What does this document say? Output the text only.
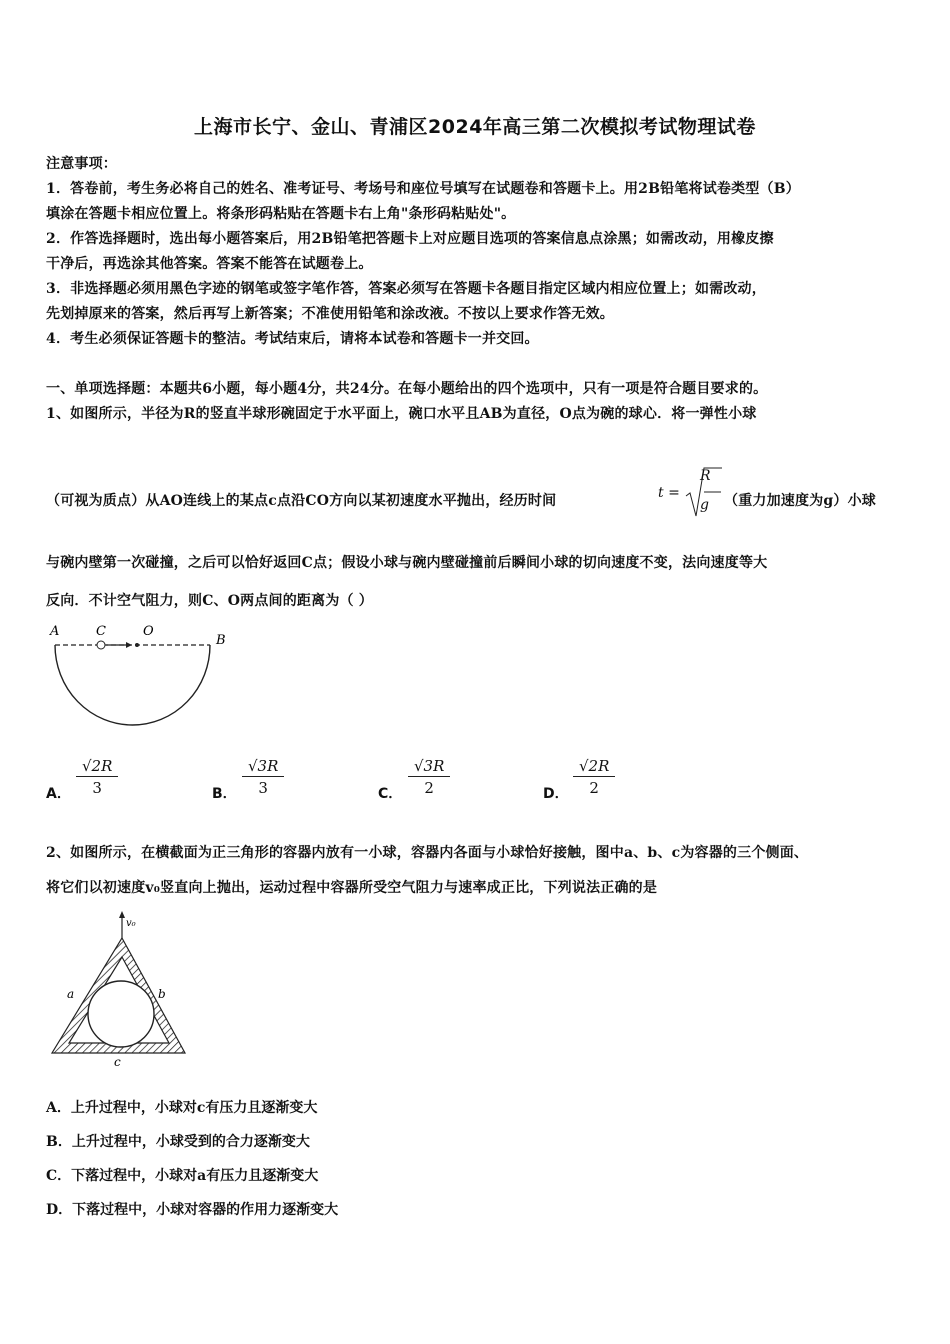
上海市长宁、金山、青浦区2024年高三第二次模拟考试物理试卷
注意事项：
1．答卷前，考生务必将自己的姓名、准考证号、考场号和座位号填写在试题卷和答题卡上。用2B铅笔将试卷类型（B）
填涂在答题卡相应位置上。将条形码粘贴在答题卡右上角"条形码粘贴处"。
2．作答选择题时，选出每小题答案后，用2B铅笔把答题卡上对应题目选项的答案信息点涂黑；如需改动，用橡皮擦
干净后，再选涂其他答案。答案不能答在试题卷上。
3．非选择题必须用黑色字迹的钢笔或签字笔作答，答案必须写在答题卡各题目指定区域内相应位置上；如需改动，
先划掉原来的答案，然后再写上新答案；不准使用铅笔和涂改液。不按以上要求作答无效。
4．考生必须保证答题卡的整洁。考试结束后，请将本试卷和答题卡一并交回。
一、单项选择题：本题共6小题，每小题4分，共24分。在每小题给出的四个选项中，只有一项是符合题目要求的。
1、如图所示，半径为R的竖直半球形碗固定于水平面上，碗口水平且AB为直径，O点为碗的球心．将一弹性小球
（可视为质点）从AO连线上的某点c点沿CO方向以某初速度水平抛出，经历时间	t =
R
g （重力加速度为g）小球
与碗内壁第一次碰撞，之后可以恰好返回C点；假设小球与碗内壁碰撞前后瞬间小球的切向速度不变，法向速度等大
反向．不计空气阻力，则C、O两点间的距离为（ ）
A	C	O
B
A． $\frac{√2R}{3}$	B． $\frac{√3R}{3}$	C． $\frac{√3R}{2}$	D． $\frac{√2R}{2}$
2、如图所示，在横截面为正三角形的容器内放有一小球，容器内各面与小球恰好接触，图中a、b、c为容器的三个侧面、
将它们以初速度v₀竖直向上抛出，运动过程中容器所受空气阻力与速率成正比，下列说法正确的是
v₀
a	b
c
A．上升过程中，小球对c有压力且逐渐变大
B．上升过程中，小球受到的合力逐渐变大
C．下落过程中，小球对a有压力且逐渐变大
D．下落过程中，小球对容器的作用力逐渐变大
